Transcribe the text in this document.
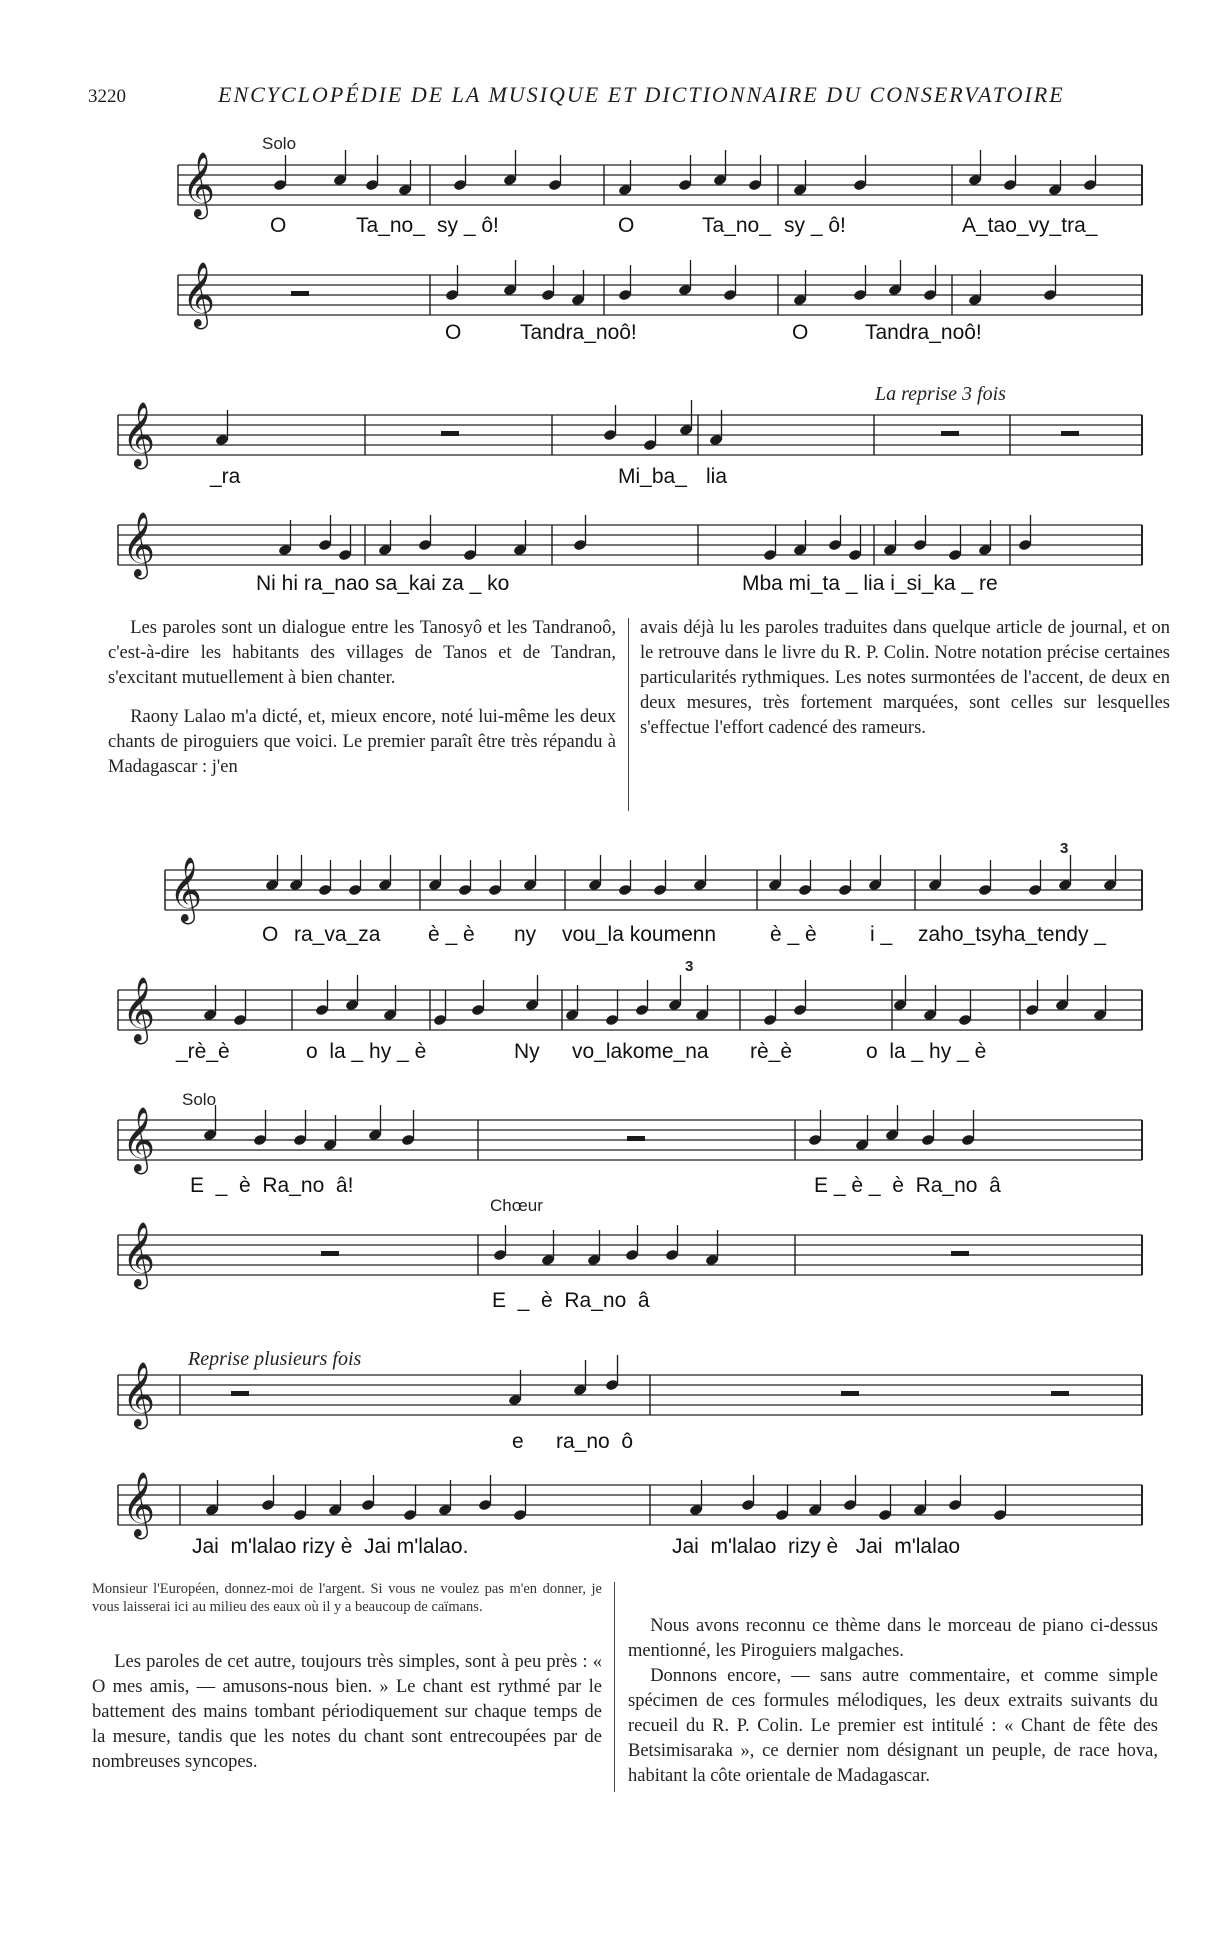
3220	ENCYCLOPÉDIE DE LA MUSIQUE ET DICTIONNAIRE DU CONSERVATOIRE
𝄞
𝄞
𝄞
𝄞
𝄞
𝄞
𝄞
𝄞
𝄞
𝄞
Solo
O	Ta_no_ sy _ ô!	O	Ta_no_ sy _ ô!	A_tao_vy_tra_
O	Tandra_noô!	O	Tandra_noô!
La reprise 3 fois
_ra	Mi_ba_ lia
Ni hi ra_nao sa_kai za _ ko	Mba mi_ta _ lia i_si_ka _ re
Les paroles sont un dialogue entre les Tanosyô et les Tandranoô, c'est-à-dire les habitants des villages de Tanos et de Tandran, s'excitant mutuellement à bien chanter.
Raony Lalao m'a dicté, et, mieux encore, noté lui-même les deux chants de piroguiers que voici. Le premier paraît être très répandu à Madagascar : j'en
avais déjà lu les paroles traduites dans quelque article de journal, et on le retrouve dans le livre du R. P. Colin. Notre notation précise certaines particularités rythmiques. Les notes surmontées de l'accent, de deux en deux mesures, très fortement marquées, sont celles sur lesquelles s'effectue l'effort cadencé des rameurs.
3
O ra_va_za è _ è ny vou_la koumenn	è _ è	i _ zaho_tsyha_tendy _
3
_rè_è	o  la _ hy _ è	Ny vo_lakome_na rè_è	o  la _ hy _ è
Solo
E  _  è  Ra_no  â!	E _ è _  è  Ra_no  â
Chœur
E  _  è  Ra_no  â
Reprise plusieurs fois
e ra_no  ô
Jai  m'lalao rizy è  Jai m'lalao.	Jai  m'lalao  rizy è   Jai  m'lalao
Monsieur l'Européen, donnez-moi de l'argent. Si vous ne voulez pas m'en donner, je vous laisserai ici au milieu des eaux où il y a beaucoup de caïmans.
Les paroles de cet autre, toujours très simples, sont à peu près : « O mes amis, — amusons-nous bien. » Le chant est rythmé par le battement des mains tombant périodiquement sur chaque temps de la mesure, tandis que les notes du chant sont entrecoupées par de nombreuses syncopes.
Nous avons reconnu ce thème dans le morceau de piano ci-dessus mentionné, les Piroguiers malgaches.
Donnons encore, — sans autre commentaire, et comme simple spécimen de ces formules mélodiques, les deux extraits suivants du recueil du R. P. Colin. Le premier est intitulé : « Chant de fête des Betsimisaraka », ce dernier nom désignant un peuple, de race hova, habitant la côte orientale de Madagascar.
